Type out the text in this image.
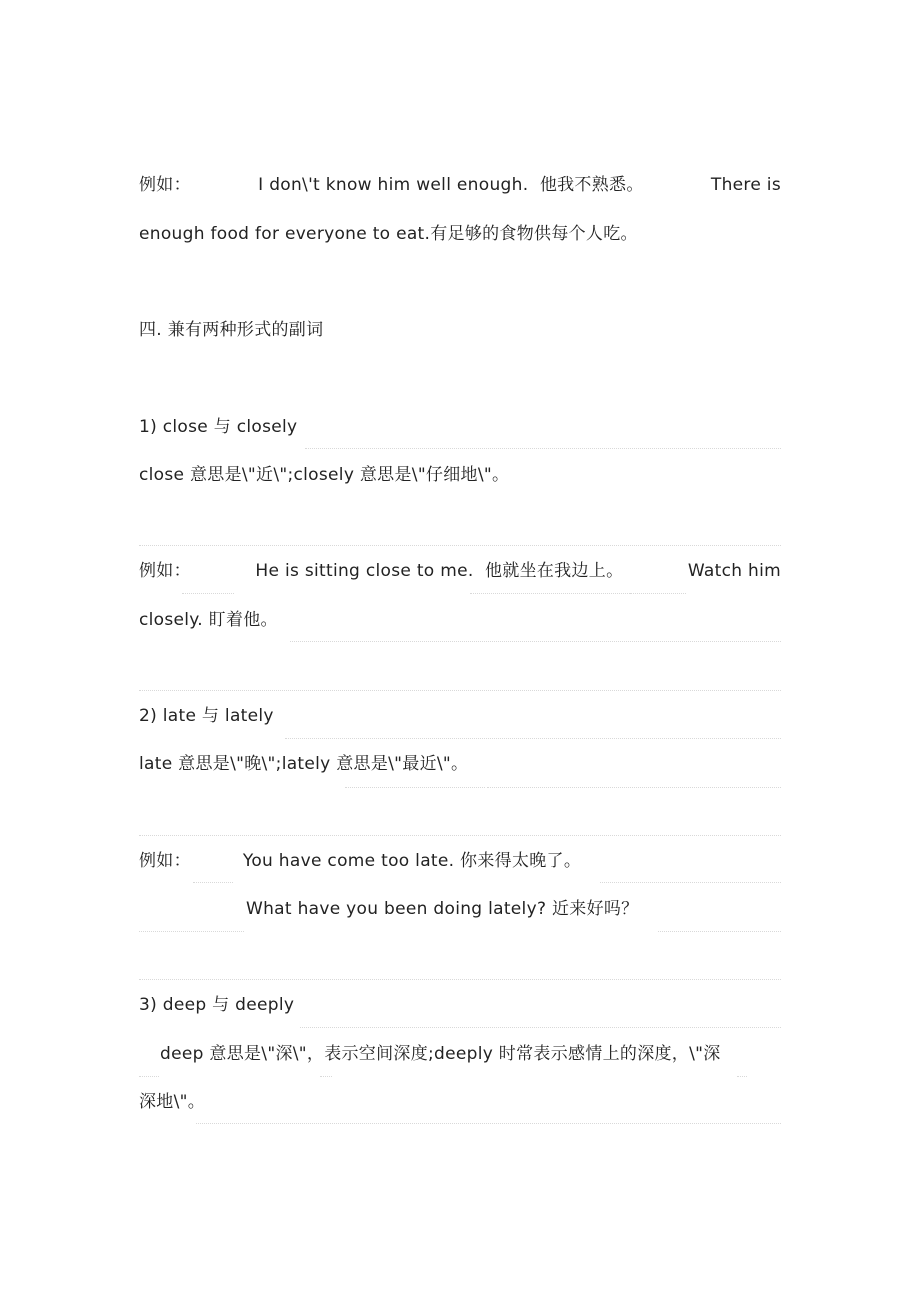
例如：	I don\'t know him well enough. 他我不熟悉。	There is
enough food for everyone to eat.有足够的食物供每个人吃。
四. 兼有两种形式的副词
1) close 与 closely
close 意思是\"近\";closely 意思是\"仔细地\"。
例如：	He is sitting close to me. 他就坐在我边上。	Watch him
closely. 盯着他。
2) late 与 lately
late 意思是\"晚\";lately 意思是\"最近\"。
例如：	You have come too late. 你来得太晚了。
What have you been doing lately? 近来好吗？
3) deep 与 deeply
deep 意思是\"深\"，表示空间深度;deeply 时常表示感情上的深度，\"深
深地\"。
